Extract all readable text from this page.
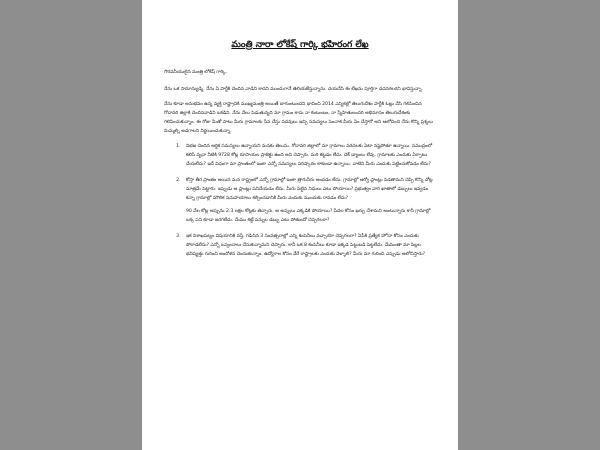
మంత్రి నారా లోకేష్ గార్కి భహిరంగ లేఖ

గౌరవనీయులైన మంత్రి లోకేష్ గార్కి,

నేను ఒక సామాన్యుడ్ని. నేను ఏ పార్టీకి చెందిన వాడిని కాదని ముందుగానే తెలియజేస్తున్నాను. దయచేసి ఈ లేఖను పూర్తిగా చదవగలరని భావిస్తున్నా.

నేను కూడా అనుభవం ఉన్న వ్యక్తి రాష్ట్రానికి ముఖ్యమంత్రి అయితే బాగుంటుందని భావించి 2014 ఎన్నికల్లో తెలుగుదేశం పార్టీకి ఓట్లు వేసి గెలిపించిన గోదావరి జిల్లాకి చెందినవాడిని ఒకడిని. నేను వేలు పెడుతున్నది మా గ్రామం కాదు నా కుటుంబం, నా స్నేహితులందరి అభిమానం తెలుగుదేశంకు గెలిపించుకున్నాం. ఈ రోజు మీతో పాటు మీరు గ్రామాలకు సేవ చేస్తు పదవులు ఇచ్చి సమస్యలు పెంచాక మీరు ఏం చేస్తారో అని ఆలోచించి నేను కొన్ని ప్రశ్నలు మిమ్మల్ని అడగాలని నిర్ణయించుకున్నా.

1. విభజ చెందిన ఆర్థిక సమస్యలు ఉన్నాయని మనకు తెలుసు. గోదావరి జిల్లాలో మా గ్రామాలు వరదలకు ఏటా నష్టపోతూ ఉన్నాయి. సముద్రంలో కలిసే వృధా నీటికి 9728 కోట్ల రూపాయల ప్రాజెక్టు ఉంది అని చెప్పారు. మరి కట్టడం లేదు. చెక్ డ్యాంలు లేవు. గ్రామాలకు ఎందుకు ఏర్పాటు చేయలేదు? ఇదే విధంగా మా ప్రాంతంలో ఇంకా ఎన్నో సమస్యలు పరిష్కారం కాకుండా ఉన్నాయి. వాటిని మీరు ఎందుకు పట్టించుకోవడం లేదు?
2. కోస్తా తీర ప్రాంతం అయిన మన రాష్ట్రంలో ఎన్నో గ్రామాల్లో ఇంకా త్రాగునీరు అందడం లేదు. గ్రామాల్లో ఆర్వో ప్లాంట్లు పెడతామని చెప్పి కొన్ని చోట్ల మాత్రమే పెట్టారు. ఇప్పుడు ఆ ప్లాంట్లు పనిచేయడం లేదు. మీరు పెట్టిన నిధులు ఎటు పోయాయి? ప్రభుత్వం వారి ఖాతాలో డబ్బులు ఇవ్వడం కన్నా గ్రామాల్లో మౌలిక సదుపాయాలు కల్పించడానికి మీరు ఎందుకు ముందుకు రావడం లేదు?
90 వేల కోట్ల అప్పును 2.3 లక్షల కోట్లకు తెచ్చారు. ఆ అప్పులు ఎక్కడికి పోయాయి? పేదల కోసం ఖర్చు చేశామని అంటున్నారు కానీ గ్రామాల్లో ఒక్క పని కూడా జరగలేదు. మేము కట్టే పన్నుల డబ్బు ఎటు పోతుందో చెప్పగలరా?
3. ఇక విశాఖపట్నం విషయానికి వస్తే, గడిచిన 3 సంవత్సరాల్లో ఎన్ని కంపెనీలు వచ్చాయో చెప్పగలరా? ఏపీకి ప్రత్యేక హోదా కోసం ఎందుకు పోరాడలేదు? ఎన్నో ఒప్పందాలు చేసుకున్నామని చెప్పారు. కానీ ఒక 8 కంపెనీలు కూడా ఇక్కడ పెట్టుబడి పెట్టలేదు. మేమంతా మా పిల్లల భవిష్యత్తు గురించి ఆందోళన చెందుతున్నాం. ఉద్యోగాల కోసం వేరే రాష్ట్రాలకు ఎందుకు వెళ్ళాలి? మీరు మా గురించి ఎప్పుడు ఆలోచిస్తారు?
